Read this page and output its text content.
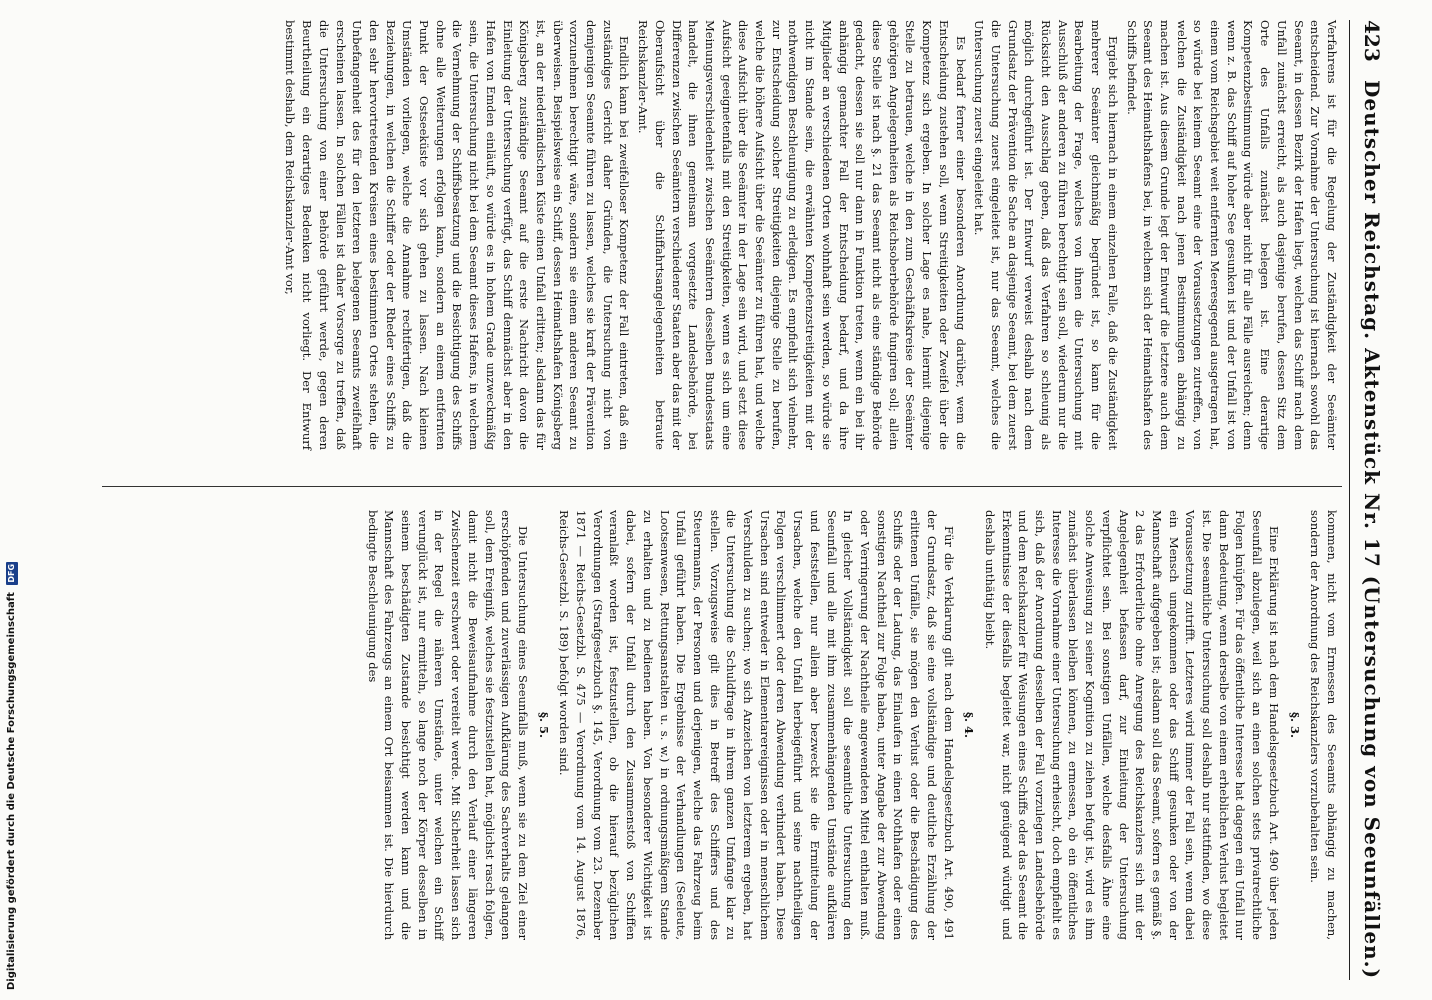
423
Deutscher Reichstag. Aktenstück Nr. 17 (Untersuchung von Seeunfällen.)

Verfahrens ist für die Regelung der Zuständigkeit der Seeämter entscheidend. Zur Vornahme der Untersuchung ist hiernach sowohl das Seeamt, in dessen Bezirk der Hafen liegt, welchen das Schiff nach dem Unfall zunächst erreicht, als auch dasjenige berufen, dessen Sitz dem Orte des Unfalls zunächst belegen ist. Eine derartige Kompetenzbestimmung würde aber nicht für alle Fälle ausreichen; denn wenn z. B. das Schiff auf hoher See gesunken ist und der Unfall ist von einem vom Reichsgebiet weit entfernten Meeresgegend ausgetragen hat, so würde bei keinem Seeamt eine der Voraussetzungen zutreffen, von welchen die Zuständigkeit nach jenen Bestimmungen abhängig zu machen ist. Aus diesem Grunde legt der Entwurf die letztere auch dem Seeamt des Heimathshafens bei, in welchem sich der Heimathshafen des Schiffs befindet.

Ergiebt sich hiernach in einem einzelnen Falle, daß die Zuständigkeit mehrerer Seeämter gleichmäßig begründet ist, so kann für die Bearbeitung der Frage, welches von ihnen die Untersuchung mit Ausschluß der anderen zu führen berechtigt sein soll, wiederum nur die Rücksicht den Ausschlag geben, daß das Verfahren so schleunig als möglich durchgeführt ist. Der Entwurf verweist deshalb nach dem Grundsatz der Prävention die Sache an dasjenige Seeamt, bei dem zuerst die Untersuchung zuerst eingeleitet ist, nur das Seeamt, welches die Untersuchung zuerst eingeleitet hat.

Es bedarf ferner einer besonderen Anordnung darüber, wem die Entscheidung zustehen soll, wenn Streitigkeiten oder Zweifel über die Kompetenz sich ergeben. In solcher Lage es nahe, hiermit diejenige Stelle zu betrauen, welche in den zum Geschäftskreise der Seeämter gehörigen Angelegenheiten als Reichsoberbehörde fungiren soll; allein diese Stelle ist nach §. 21 das Seeamt nicht als eine ständige Behörde gedacht, dessen sie soll nur dann in Funktion treten, wenn ein bei ihr anhängig gemachter Fall der Entscheidung bedarf, und da ihre Mitglieder an verschiedenen Orten wohnhaft sein werden, so würde sie nicht im Stande sein, die erwähnten Kompetenzstreitigkeiten mit der nothwendigen Beschleunigung zu erledigen. Es empfiehlt sich vielmehr, zur Entscheidung solcher Streitigkeiten diejenige Stelle zu berufen, welche die höhere Aufsicht über die Seeämter zu führen hat, und welche diese Aufsicht über die Seeämter in der Lage sein wird, und setzt diese Aufsicht geeignetenfalls mit den Streitigkeiten, wenn es sich um eine Meinungsverschiedenheit zwischen Seeämtern desselben Bundesstaats handelt, die ihnen gemeinsam vorgesetzte Landesbehörde, bei Differenzen zwischen Seeämtern verschiedener Staaten aber das mit der Oberaufsicht über die Schiffahrtsangelegenheiten betraute Reichskanzler-Amt.

Endlich kann bei zweifelloser Kompetenz der Fall eintreten, daß ein zuständiges Gericht daher Gründen, die Untersuchung nicht von demjenigen Seeamte führen zu lassen, welches sie kraft der Prävention vorzunehmen berechtigt wäre, sondern sie einem anderen Seeamt zu überweisen. Beispielsweise ein Schiff, dessen Heimathshafen Königsberg ist, an der niederländischen Küste einen Unfall erlitten; alsdann das für Königsberg zuständige Seeamt auf die erste Nachricht davon die Einleitung der Untersuchung verfügt, das Schiff demnächst aber in den Hafen von Emden einläuft, so würde es in hohem Grade unzweckmäßig sein, die Untersuchung nicht bei dem Seeamt dieses Hafens, in welchem die Vernehmung der Schiffsbesatzung und die Besichtigung des Schiffs ohne alle Weiterungen erfolgen kann, sondern an einem entfernten Punkt der Ostseeküste vor sich gehen zu lassen. Nach kleinen Umständen vorliegen, welche die Annahme rechtfertigen, daß die Beziehungen, in welchen die Schiffer oder der Rheder eines Schiffs zu den sehr hervortretenden Kreisen eines bestimmten Ortes stehen, die Unbefangenheit des für den letzteren belegenen Seeamts zweifelhaft erscheinen lassen. In solchen Fällen ist daher Vorsorge zu treffen, daß die Untersuchung von einer Behörde geführt werde, gegen deren Beurtheilung ein derartiges Bedenken nicht vorliegt. Der Entwurf bestimmt deshalb, dem Reichskanzler-Amt vor,

kommen, nicht vom Ermessen des Seeamts abhängig zu machen, sondern der Anordnung des Reichskanzlers vorzubehalten sein.

§. 3.

Eine Erklärung ist nach dem Handelsgesetzbuch Art. 490 über jeden Seeunfall abzulegen, weil sich an einen solchen stets privatrechtliche Folgen knüpfen. Für das öffentliche Interesse hat dagegen ein Unfall nur dann Bedeutung, wenn derselbe von einem erheblichen Verlust begleitet ist. Die seeamtliche Untersuchung soll deshalb nur stattfinden, wo diese Voraussetzung zutrifft. Letzteres wird immer der Fall sein, wenn dabei ein Mensch umgekommen oder das Schiff gesunken oder von der Mannschaft aufgegeben ist; alsdann soll das Seeamt, sofern es gemäß §. 2 das Erforderliche ohne Anregung des Reichskanzlers sich mit der Angelegenheit befassen darf, zur Einleitung der Untersuchung verpflichtet sein. Bei sonstigen Unfällen, welche desfalls Ähne eine solche Anweisung zu seiner Kognition zu ziehen befugt ist, wird es ihm zunächst überlassen bleiben können, zu ermessen, ob ein öffentliches Interesse die Vornahme einer Untersuchung erheischt, doch empfiehlt es sich, daß der Anordnung desselben der Fall vorzulegen Landesbehörde und dem Reichskanzler für Weisungen eines Schiffs oder das Seeamt die Erkenntnisse der diesfalls begleitet war, nicht genügend würdigt und deshalb unthätig bleibt.

§. 4.

Für die Verklarung gilt nach dem Handelsgesetzbuch Art. 490, 491 der Grundsatz, daß sie eine vollständige und deutliche Erzählung der erlittenen Unfälle, sie mögen den Verlust oder die Beschädigung des Schiffs oder der Ladung, das Einlaufen in einen Nothhafen oder einen sonstigen Nachtheil zur Folge haben, unter Angabe der zur Abwendung oder Verringerung der Nachtheile angewendeten Mittel enthalten muß. In gleicher Vollständigkeit soll die seeamtliche Untersuchung den Seeunfall und alle mit ihm zusammenhängenden Umstände aufklären und feststellen, nur allein aber bezweckt sie die Ermittelung der Ursachen, welche den Unfall herbeigeführt und seine nachtheiligen Folgen verschlimmert oder deren Abwendung verhindert haben. Diese Ursachen sind entweder in Elementarereignissen oder in menschlichem Verschulden zu suchen; wo sich Anzeichen von letzterem ergeben, hat die Untersuchung die Schuldfrage in ihrem ganzen Umfange klar zu stellen. Vorzugsweise gilt dies in Betreff des Schiffers und des Steuermanns, der Personen und derjenigen, welche das Fahrzeug beim Unfall geführt haben. Die Ergebnisse der Verhandlungen (Seeleute, Lootsenwesen, Rettungsanstalten u. s. w.) in ordnungsmäßigem Stande zu erhalten und zu bedienen haben. Von besonderer Wichtigkeit ist dabei, sofern der Unfall durch den Zusammenstoß von Schiffen veranlaßt worden ist, festzustellen, ob die hierauf bezüglichen Verordnungen (Strafgesetzbuch §. 145, Verordnung vom 23. Dezember 1871 — Reichs-Gesetzbl. S. 475 — Verordnung vom 14. August 1876, Reichs-Gesetzbl. S. 189) befolgt worden sind.

§. 5.

Die Untersuchung eines Seeunfalls muß, wenn sie zu dem Ziel einer erschöpfenden und zuverlässigen Aufklärung des Sachverhalts gelangen soll, dem Ereigniß, welches sie festzustellen hat, möglichst rasch folgen, damit nicht die Beweisaufnahme durch den Verlauf einer längeren Zwischenzeit erschwert oder vereitelt werde. Mit Sicherheit lassen sich in der Regel die näheren Umstände, unter welchen ein Schiff verunglückt ist, nur ermitteln, so lange noch der Körper desselben in seinem beschädigten Zustande besichtigt werden kann und die Mannschaft des Fahrzeugs an einem Ort beisammen ist. Die hierdurch bedingte Beschleunigung des

Digitalisierung gefördert durch die Deutsche Forschungsgemeinschaft DFG
